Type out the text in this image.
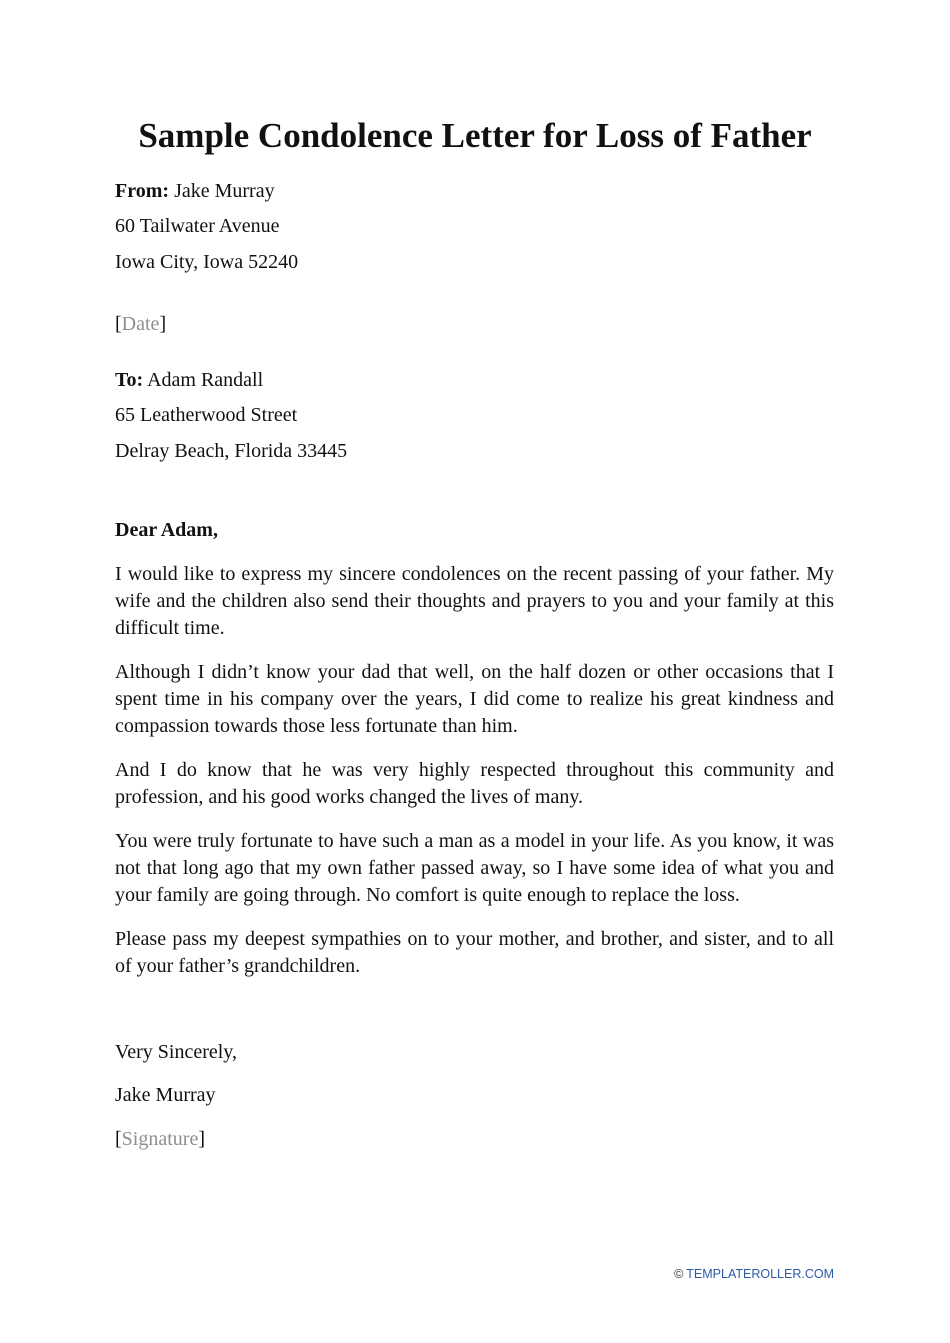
Sample Condolence Letter for Loss of Father
From: Jake Murray
60 Tailwater Avenue
Iowa City, Iowa 52240
[Date]
To: Adam Randall
65 Leatherwood Street
Delray Beach, Florida 33445
Dear Adam,

I would like to express my sincere condolences on the recent passing of your father. My wife and the children also send their thoughts and prayers to you and your family at this difficult time.

Although I didn’t know your dad that well, on the half dozen or other occasions that I spent time in his company over the years, I did come to realize his great kindness and compassion towards those less fortunate than him.

And I do know that he was very highly respected throughout this community and profession, and his good works changed the lives of many.

You were truly fortunate to have such a man as a model in your life. As you know, it was not that long ago that my own father passed away, so I have some idea of what you and your family are going through. No comfort is quite enough to replace the loss.

Please pass my deepest sympathies on to your mother, and brother, and sister, and to all of your father’s grandchildren.

Very Sincerely,
Jake Murray
[Signature]
© TEMPLATEROLLER.COM
